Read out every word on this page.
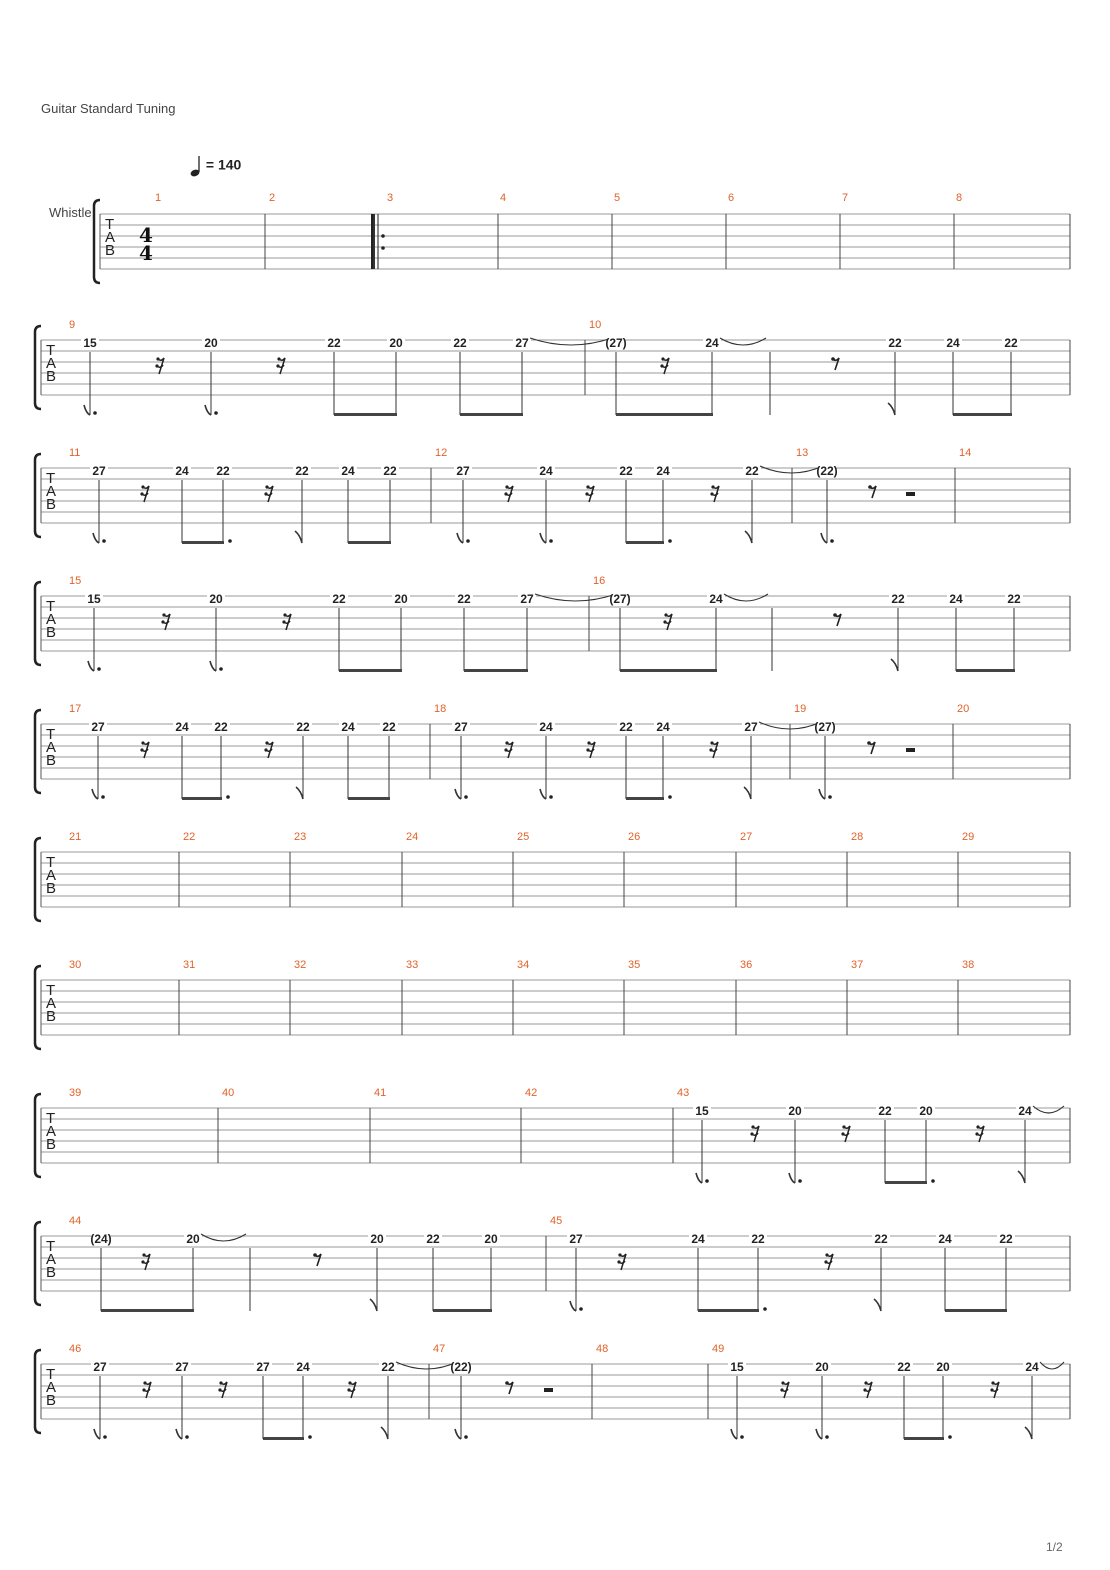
Guitar Standard Tuning
= 140
Whistle
1/2
T
A
B
4
4
1	2	3	4	5	6	7	8
T
A
B
9	10
15	20	22	20	22	27	(27)	24	22	24	22
T
A
B
11	12	13	14
27	24 22	22	24 22	27	24	22 24	22	(22)
T
A
B
15	16
15	20	22	20	22	27	(27)	24	22	24	22
T
A
B
17	18	19	20
27	24 22	22	24 22	27	24	22 24	27	(27)
T
A
B
21	22	23	24	25	26	27	28	29
T
A
B
30	31	32	33	34	35	36	37	38
T
A
B
39	40	41	42	43
15	20	22 20	24
T
A
B
44	45
(24)	20	20	22	20	27	24	22	22	24	22
T
A
B
46	47	48	49
27	27	27 24	22	(22)	15	20	22 20	24
